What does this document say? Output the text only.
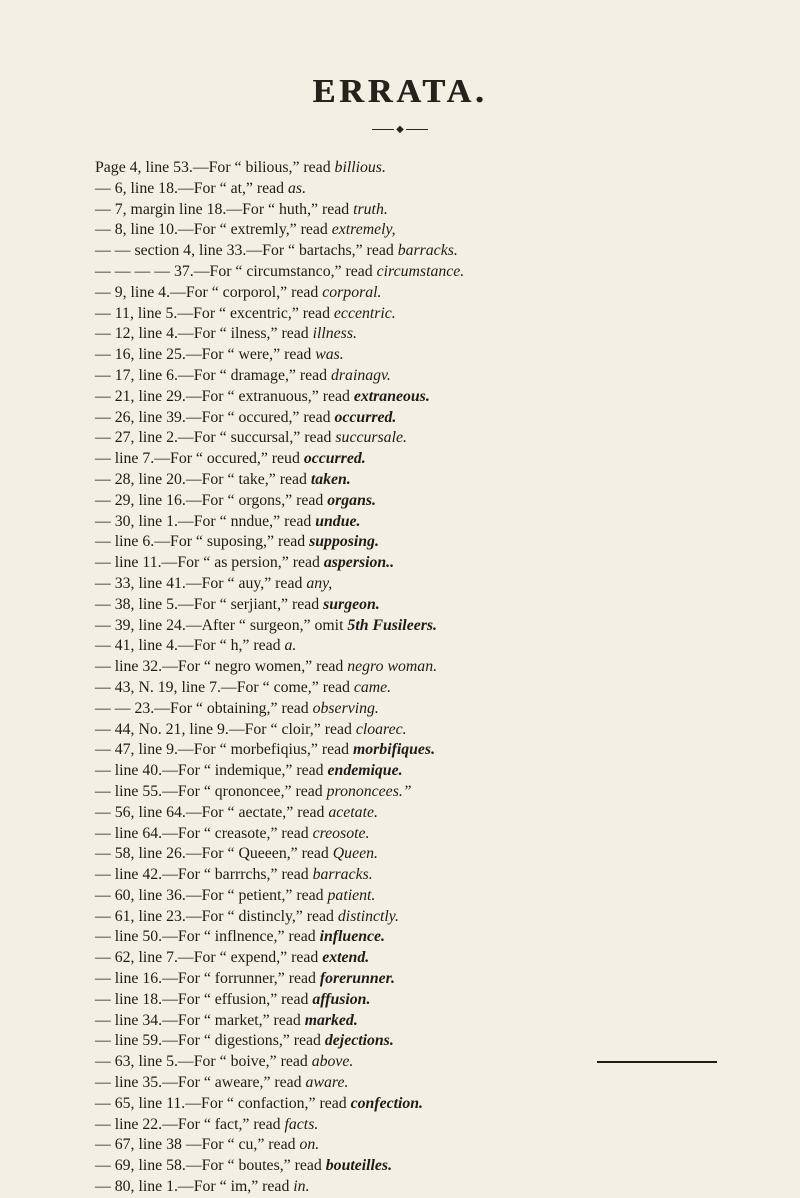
ERRATA.
◆
Page 4, line 53.—For “ bilious,” read billious.
— 6, line 18.—For “ at,” read as.
— 7, margin line 18.—For “ huth,” read truth.
— 8, line 10.—For “ extremly,” read extremely,
— — section 4, line 33.—For “ bartachs,” read barracks.
— — — — 37.—For “ circumstanco,” read circumstance.
— 9, line 4.—For “ corporol,” read corporal.
— 11, line 5.—For “ excentric,” read eccentric.
— 12, line 4.—For “ ilness,” read illness.
— 16, line 25.—For “ were,” read was.
— 17, line 6.—For “ dramage,” read drainagv.
— 21, line 29.—For “ extranuous,” read extraneous.
— 26, line 39.—For “ occured,” read occurred.
— 27, line 2.—For “ succursal,” read succursale.
— line 7.—For “ occured,” reud occurred.
— 28, line 20.—For “ take,” read taken.
— 29, line 16.—For “ orgons,” read organs.
— 30, line 1.—For “ nndue,” read undue.
— line 6.—For “ suposing,” read supposing.
— line 11.—For “ as persion,” read aspersion..
— 33, line 41.—For “ auy,” read any,
— 38, line 5.—For “ serjiant,” read surgeon.
— 39, line 24.—After “ surgeon,” omit 5th Fusileers.
— 41, line 4.—For “ h,” read a.
— line 32.—For “ negro women,” read negro woman.
— 43, N. 19, line 7.—For “ come,” read came.
— — 23.—For “ obtaining,” read observing.
— 44, No. 21, line 9.—For “ cloir,” read cloarec.
— 47, line 9.—For “ morbefiqius,” read morbifiques.
— line 40.—For “ indemique,” read endemique.
— line 55.—For “ qrononcee,” read prononcees.”
— 56, line 64.—For “ aectate,” read acetate.
— line 64.—For “ creasote,” read creosote.
— 58, line 26.—For “ Queeen,” read Queen.
— line 42.—For “ barrrchs,” read barracks.
— 60, line 36.—For “ petient,” read patient.
— 61, line 23.—For “ distincly,” read distinctly.
— line 50.—For “ inflnence,” read influence.
— 62, line 7.—For “ expend,” read extend.
— line 16.—For “ forrunner,” read forerunner.
— line 18.—For “ effusion,” read affusion.
— line 34.—For “ market,” read marked.
— line 59.—For “ digestions,” read dejections.
— 63, line 5.—For “ boive,” read above.
— line 35.—For “ aweare,” read aware.
— 65, line 11.—For “ confaction,” read confection.
— line 22.—For “ fact,” read facts.
— 67, line 38 —For “ cu,” read on.
— 69, line 58.—For “ boutes,” read bouteilles.
— 80, line 1.—For “ im,” read in.
